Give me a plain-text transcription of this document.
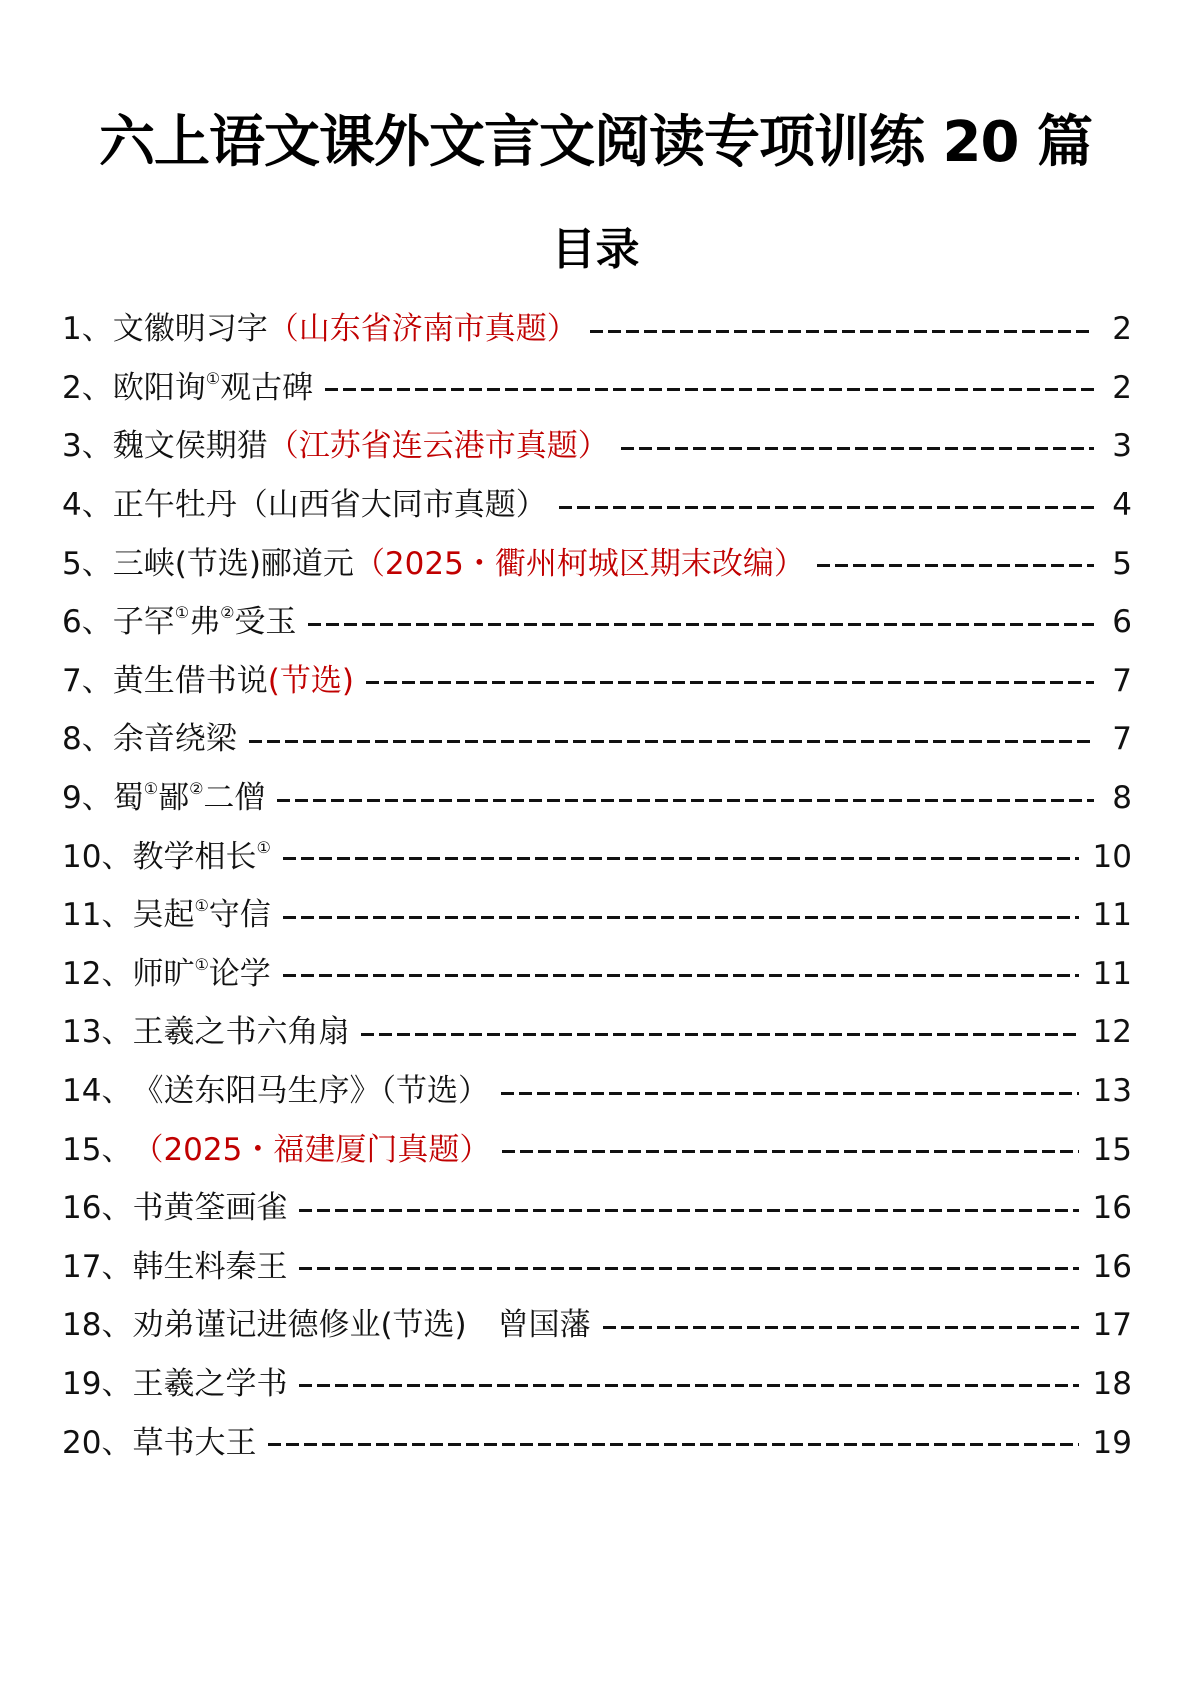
六上语文课外文言文阅读专项训练 20 篇
目录
1、 文徽明习字（山东省济南市真题）	2
2、 欧阳询①观古碑	2
3、 魏文侯期猎（江苏省连云港市真题）	3
4、 正午牡丹（山西省大同市真题）	4
5、 三峡(节选)郦道元（2025・衢州柯城区期末改编）	5
6、 子罕①弗②受玉	6
7、 黄生借书说(节选)	7
8、 余音绕梁	7
9、 蜀①鄙②二僧	8
10、 教学相长①	10
11、 吴起①守信	11
12、 师旷①论学	11
13、 王羲之书六角扇	12
14、 《送东阳马生序》（节选）	13
15、 （2025・福建厦门真题）	15
16、 书黄筌画雀	16
17、 韩生料秦王	16
18、 劝弟谨记进德修业(节选)　曾国藩	17
19、 王羲之学书	18
20、 草书大王	19
